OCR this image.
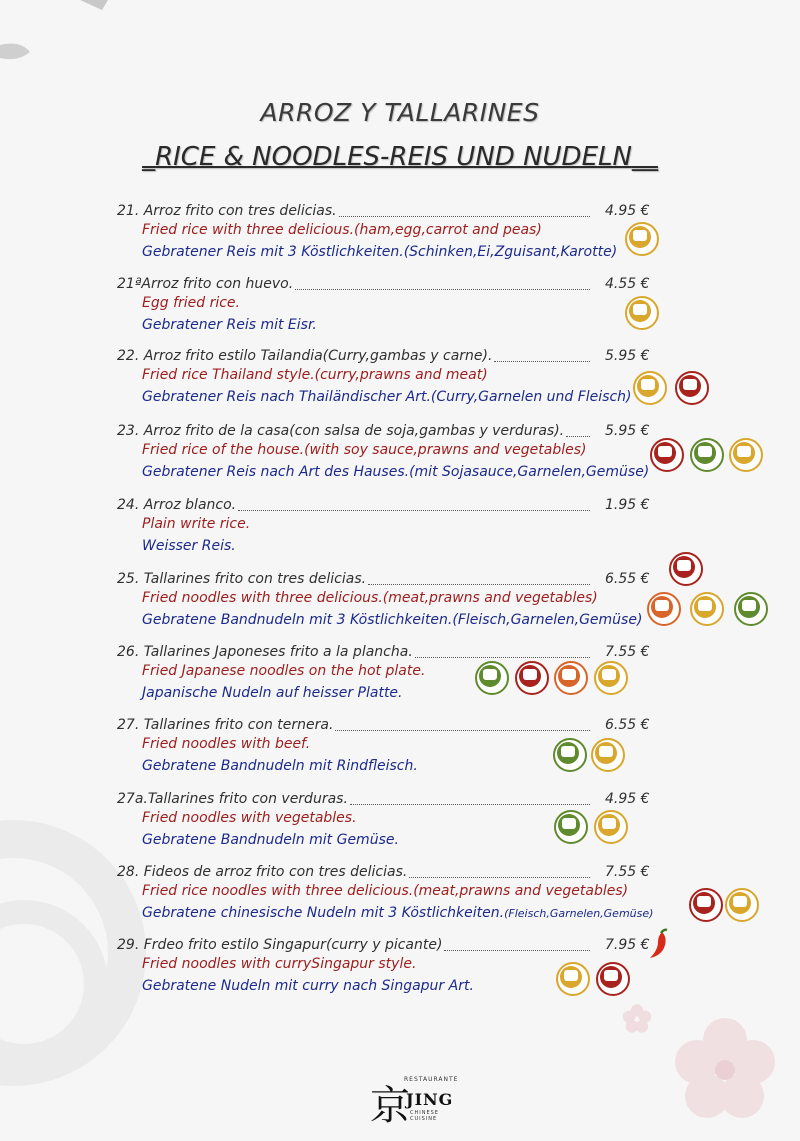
ARROZ Y TALLARINES
_RICE & NOODLES-REIS UND NUDELN__
21. Arroz frito con tres delicias.	4.95 €
Fried rice with three delicious.(ham,egg,carrot and peas)
Gebratener Reis mit 3 Köstlichkeiten.(Schinken,Ei,Zguisant,Karotte)
21ªArroz frito con huevo.	4.55 €
Egg fried rice.
Gebratener Reis mit Eisr.
22. Arroz frito estilo Tailandia(Curry,gambas y carne).	5.95 €
Fried rice Thailand style.(curry,prawns and meat)
Gebratener Reis nach Thailändischer Art.(Curry,Garnelen und Fleisch)
23. Arroz frito de la casa(con salsa de soja,gambas y verduras).	5.95 €
Fried rice of the house.(with soy sauce,prawns and vegetables)
Gebratener Reis nach Art des Hauses.(mit Sojasauce,Garnelen,Gemüse)
24. Arroz blanco.	1.95 €
Plain write rice.
Weisser Reis.
25. Tallarines frito con tres delicias.	6.55 €
Fried noodles with three delicious.(meat,prawns and vegetables)
Gebratene Bandnudeln mit 3 Köstlichkeiten.(Fleisch,Garnelen,Gemüse)
26. Tallarines Japoneses frito a la plancha.	7.55 €
Fried Japanese noodles on the hot plate.
Japanische Nudeln auf heisser Platte.
27. Tallarines frito con ternera.	6.55 €
Fried noodles with beef.
Gebratene Bandnudeln mit Rindfleisch.
27a.Tallarines frito con verduras.	4.95 €
Fried noodles with vegetables.
Gebratene Bandnudeln mit Gemüse.
28. Fideos de arroz frito con tres delicias.	7.55 €
Fried rice noodles with three delicious.(meat,prawns and vegetables)
Gebratene chinesische Nudeln mit 3 Köstlichkeiten.(Fleisch,Garnelen,Gemüse)
29. Frdeo frito estilo Singapur(curry y picante)	7.95 €
Fried noodles with currySingapur style.
Gebratene Nudeln mit curry nach Singapur Art.
京
RESTAURANTE
JING
CHINESE CUISINE
